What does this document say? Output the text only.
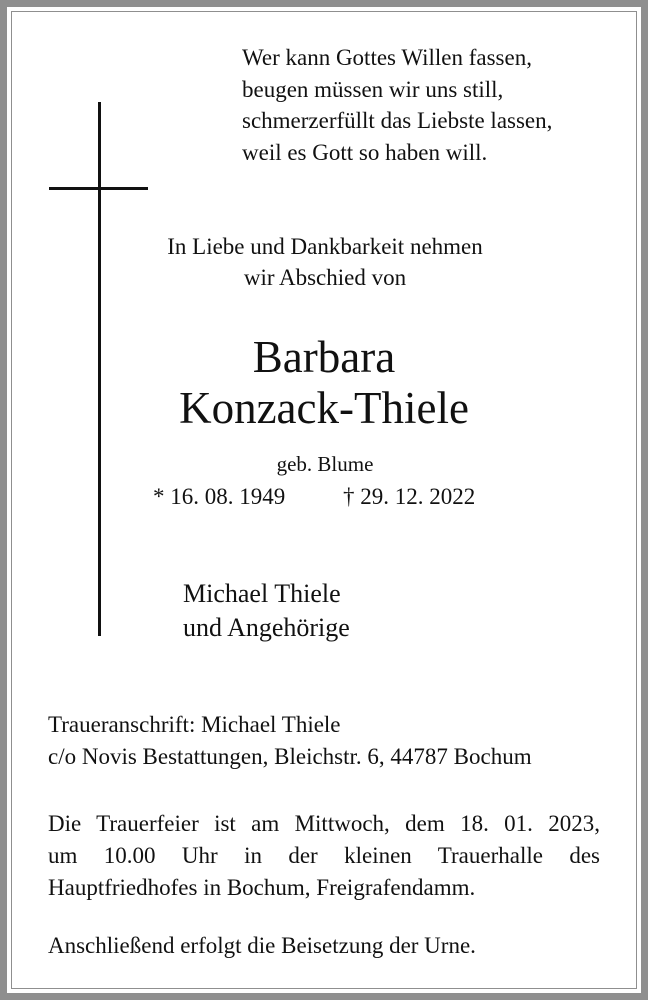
Wer kann Gottes Willen fassen,
beugen müssen wir uns still,
schmerzerfüllt das Liebste lassen,
weil es Gott so haben will.
In Liebe und Dankbarkeit nehmen
wir Abschied von
Barbara
Konzack-Thiele
geb. Blume
* 16. 08. 1949	† 29. 12. 2022
Michael Thiele
und Angehörige
Traueranschrift: Michael Thiele
c/o Novis Bestattungen, Bleichstr. 6, 44787 Bochum
Die Trauerfeier ist am Mittwoch, dem 18. 01. 2023,
um 10.00 Uhr in der kleinen Trauerhalle des
Hauptfriedhofes in Bochum, Freigrafendamm.
Anschließend erfolgt die Beisetzung der Urne.
